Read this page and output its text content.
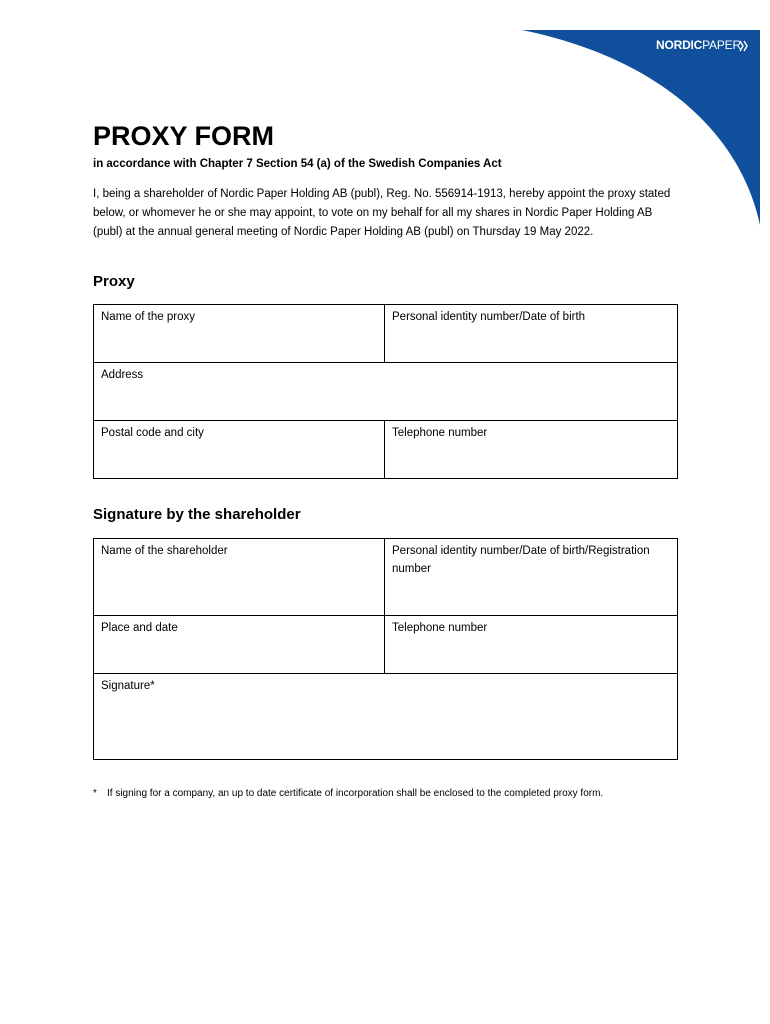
NORDICPAPER
PROXY FORM

in accordance with Chapter 7 Section 54 (a) of the Swedish Companies Act

I, being a shareholder of Nordic Paper Holding AB (publ), Reg. No. 556914-1913, hereby appoint the proxy stated below, or whomever he or she may appoint, to vote on my behalf for all my shares in Nordic Paper Holding AB (publ) at the annual general meeting of Nordic Paper Holding AB (publ) on Thursday 19 May 2022.

Proxy

Name of the proxy	Personal identity number/Date of birth
Address	
Postal code and city	Telephone number

Signature by the shareholder

Name of the shareholder	Personal identity number/Date of birth/Registration number
Place and date	Telephone number
Signature*	

*	If signing for a company, an up to date certificate of incorporation shall be enclosed to the completed proxy form.
